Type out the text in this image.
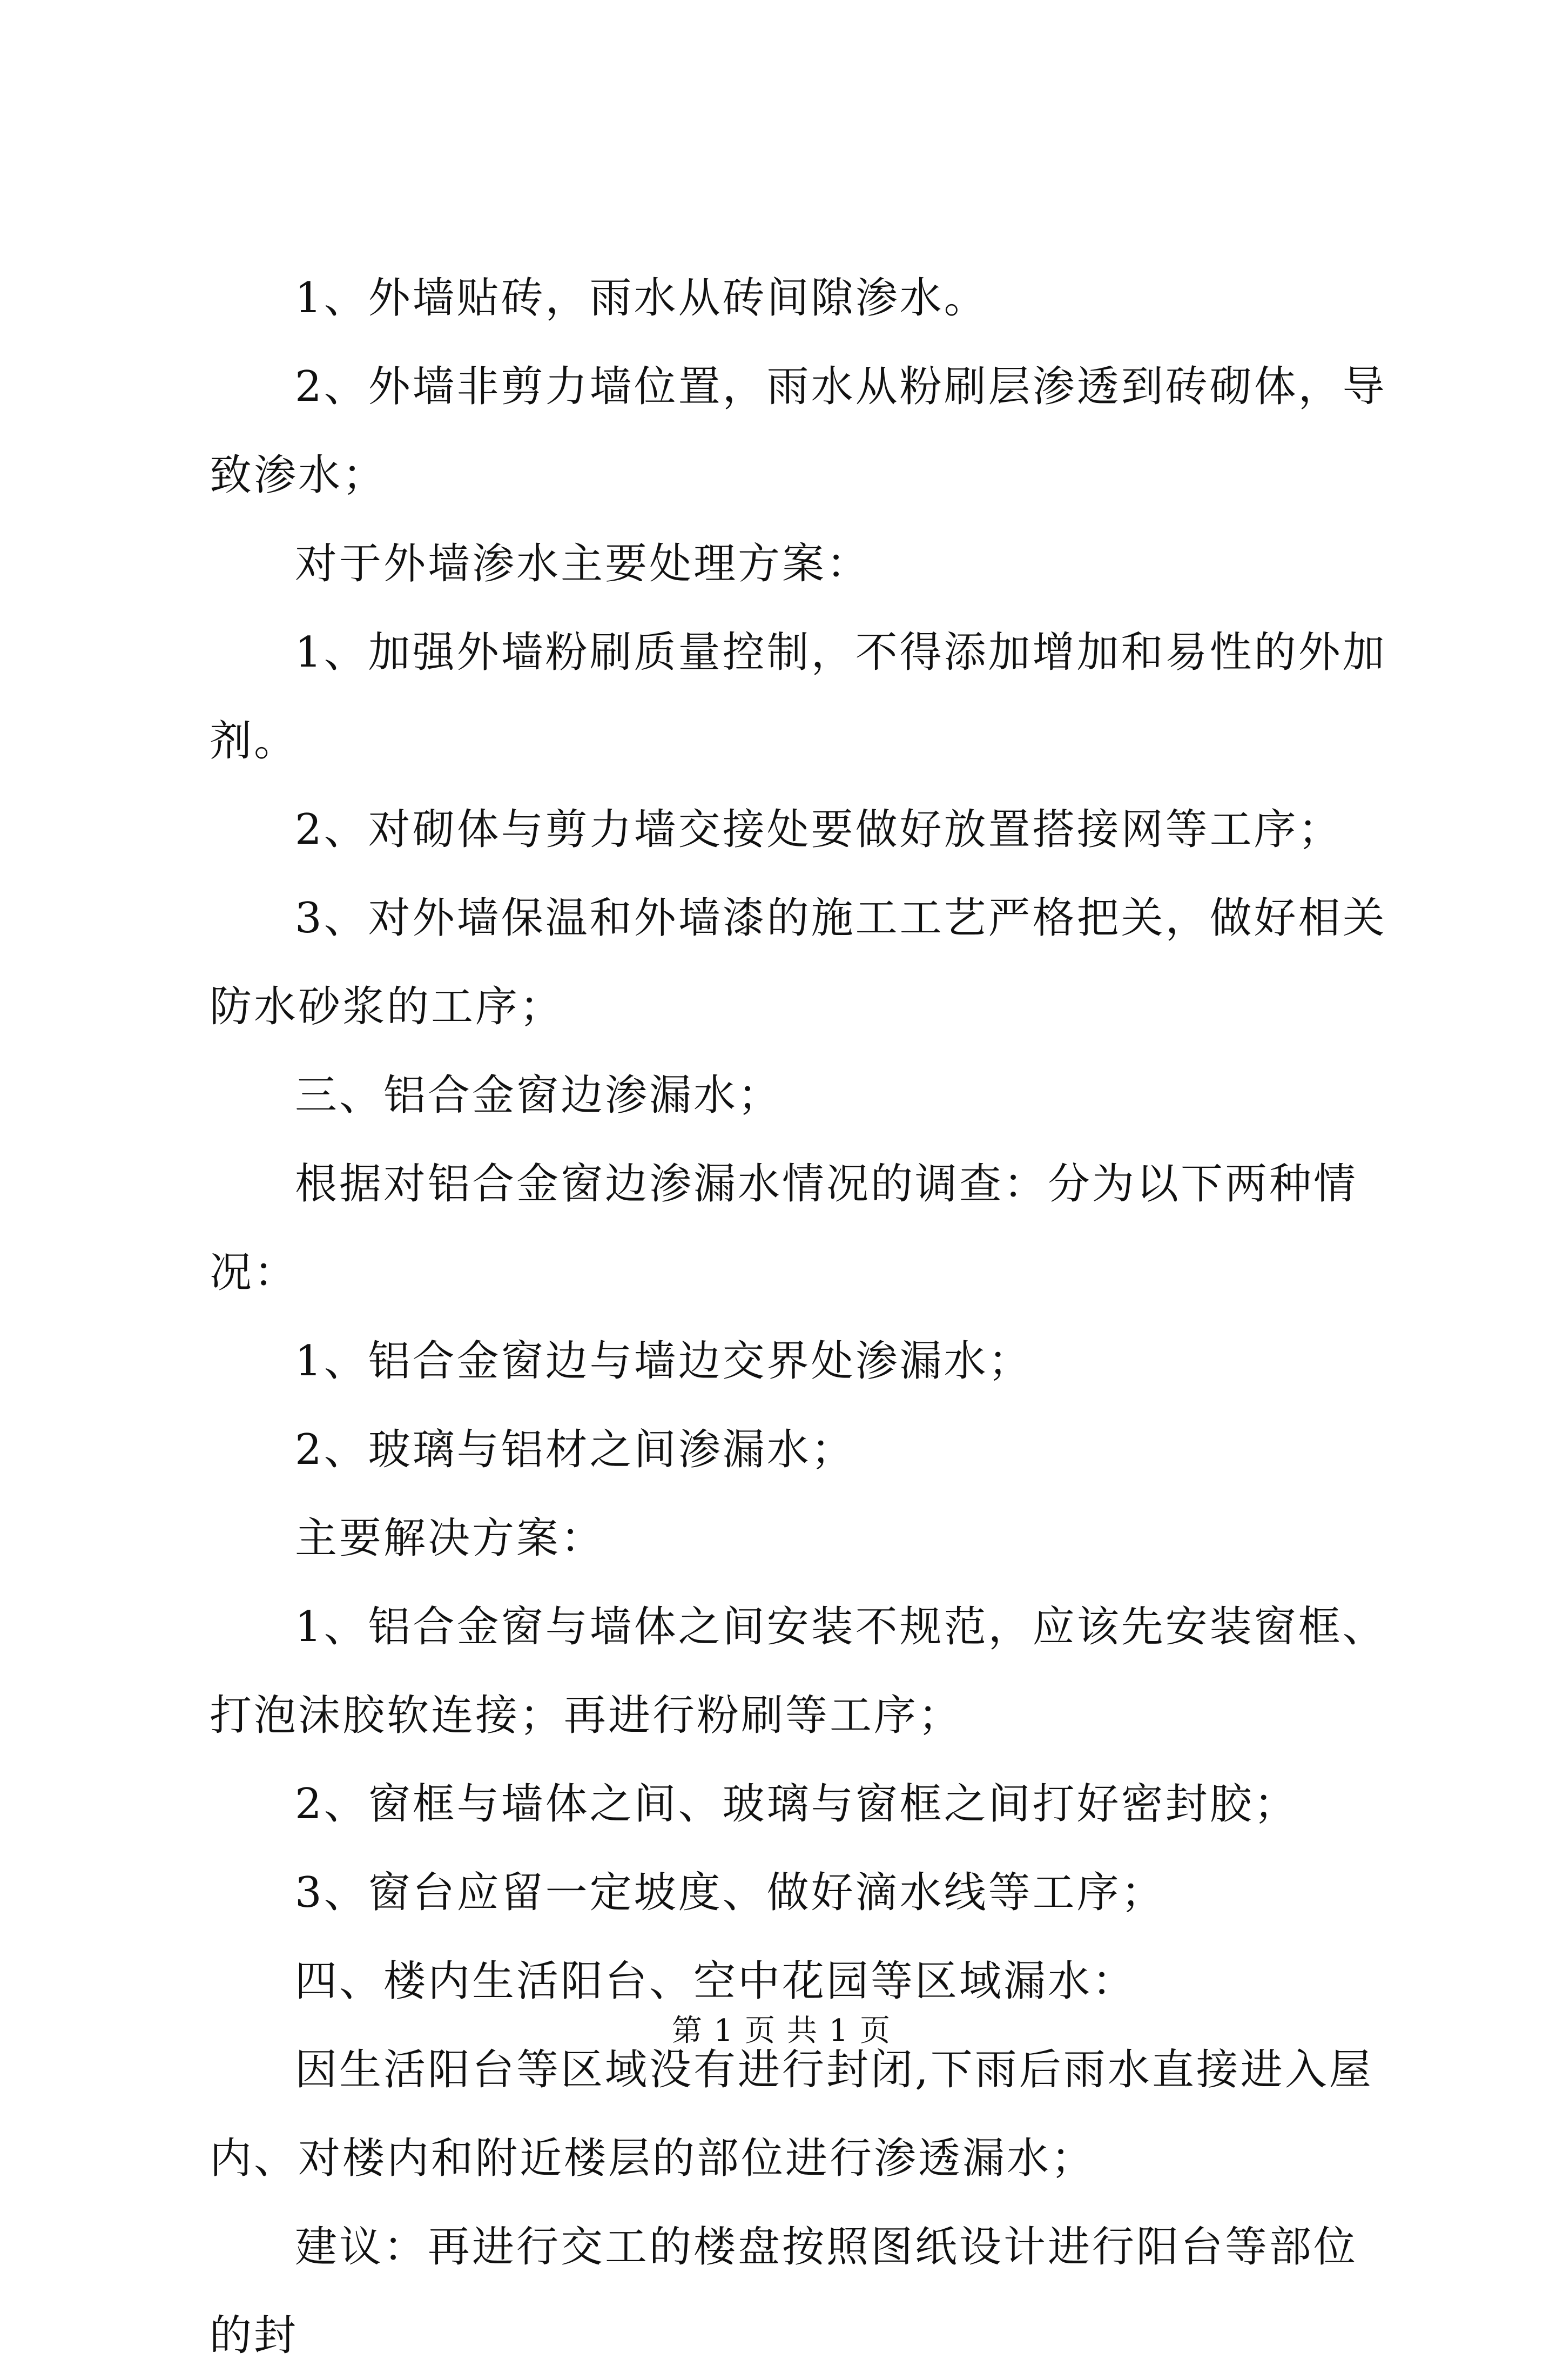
1、外墙贴砖，雨水从砖间隙渗水。

2、外墙非剪力墙位置，雨水从粉刷层渗透到砖砌体，导致渗水；

对于外墙渗水主要处理方案：

1、加强外墙粉刷质量控制，不得添加增加和易性的外加剂。

2、对砌体与剪力墙交接处要做好放置搭接网等工序；

3、对外墙保温和外墙漆的施工工艺严格把关，做好相关防水砂浆的工序；

三、铝合金窗边渗漏水；

根据对铝合金窗边渗漏水情况的调查：分为以下两种情况：

1、铝合金窗边与墙边交界处渗漏水；

2、玻璃与铝材之间渗漏水；

主要解决方案：

1、铝合金窗与墙体之间安装不规范，应该先安装窗框、打泡沫胶软连接；再进行粉刷等工序；

2、窗框与墙体之间、玻璃与窗框之间打好密封胶；

3、窗台应留一定坡度、做好滴水线等工序；

四、楼内生活阳台、空中花园等区域漏水：

因生活阳台等区域没有进行封闭,下雨后雨水直接进入屋内、对楼内和附近楼层的部位进行渗透漏水；

建议：再进行交工的楼盘按照图纸设计进行阳台等部位的封

第 1 页 共 1 页
